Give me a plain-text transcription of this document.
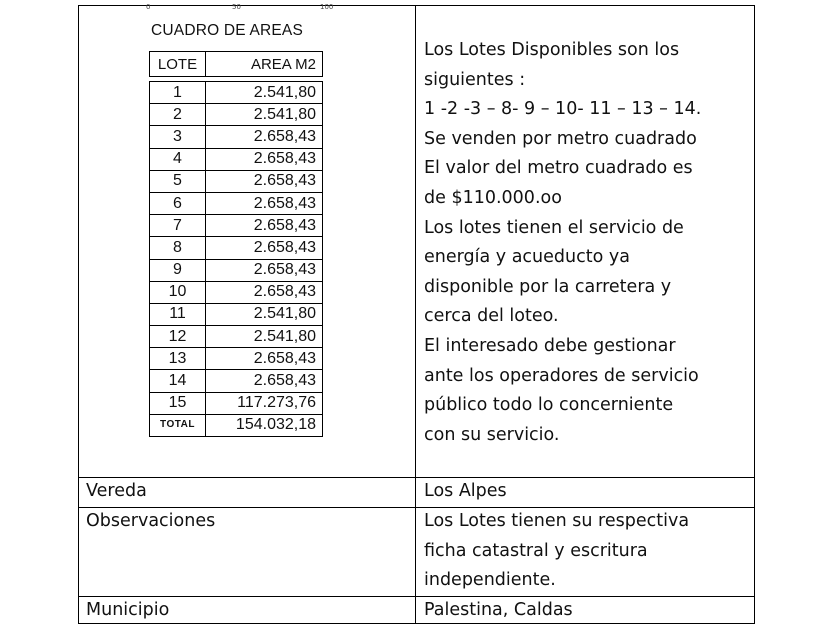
0	50	100
CUADRO DE AREAS
LOTE	AREA M2
1	2.541,80
2	2.541,80
3	2.658,43
4	2.658,43
5	2.658,43
6	2.658,43
7	2.658,43
8	2.658,43
9	2.658,43
10	2.658,43
11	2.541,80
12	2.541,80
13	2.658,43
14	2.658,43
15	117.273,76
TOTAL	154.032,18
Los Lotes Disponibles son los
siguientes :
1 -2 -3 – 8- 9 – 10- 11 – 13 – 14.
Se venden por metro cuadrado
El valor del metro cuadrado es
de $110.000.oo
Los lotes tienen el servicio de
energía y acueducto ya
disponible por la carretera y
cerca del loteo.
El interesado debe gestionar
ante los operadores de servicio
público todo lo concerniente
con su servicio.
Vereda	Los Alpes
Observaciones	Los Lotes tienen su respectiva
ficha catastral y escritura
independiente.
Municipio	Palestina, Caldas
